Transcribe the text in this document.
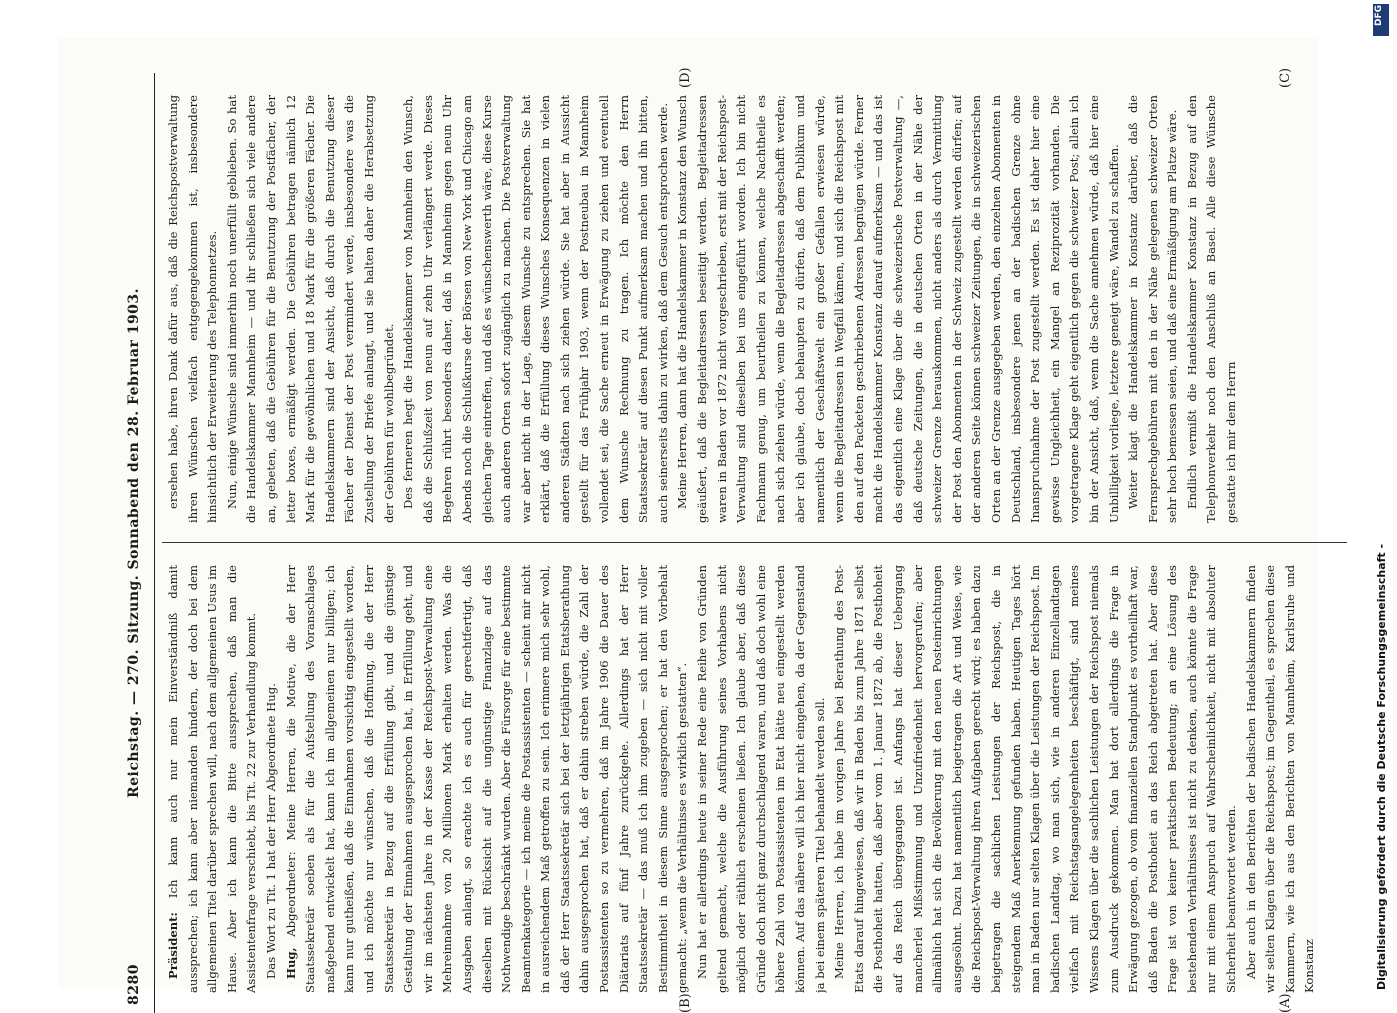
8280
Reichstag. — 270. Sitzung. Sonnabend den 28. Februar 1903.

Präsident: Ich kann auch nur mein Einverständniß damit aussprechen; ich kann aber niemanden hindern, der doch bei dem allgemeinen Titel darüber sprechen will, nach dem allgemeinen Usus im Hause. Aber ich kann die Bitte aussprechen, daß man die Assistentenfrage verschiebt, bis Tit. 22 zur Verhandlung kommt. Das Wort zu Tit. 1 hat der Herr Abgeordnete Hug. Hug, Abgeordneter: Meine Herren, die Motive, die der Herr Staatssekretär soeben als für die Aufstellung des Voranschlages maßgebend entwickelt hat, kann ich im allgemeinen nur billigen; ich kann nur gutheißen, daß die Einnahmen vorsichtig eingestellt worden, und ich möchte nur wünschen, daß die Hoffnung, die der Herr Staatssekretär in Bezug auf die Erfüllung gibt, und die günstige Gestaltung der Einnahmen ausgesprochen hat, in Erfüllung geht, und wir im nächsten Jahre in der Kasse der Reichspost-Verwaltung eine Mehreinnahme von 20 Millionen Mark erhalten werden. Was die Ausgaben anlangt, so erachte ich es auch für gerechtfertigt, daß dieselben mit Rücksicht auf die ungünstige Finanzlage auf das Nothwendige beschränkt wurden. Aber die Fürsorge für eine bestimmte Beamtenkategorie — ich meine die Postassistenten — scheint mir nicht in ausreichendem Maß getroffen zu sein. Ich erinnere mich sehr wohl, daß der Herr Staatssekretär sich bei der letztjährigen Etatsberathung dahin ausgesprochen hat, daß er dahin streben würde, die Zahl der Postassistenten so zu vermehren, daß im Jahre 1906 die Dauer des Diätariats auf fünf Jahre zurückgehe. Allerdings hat der Herr Staatssekretär — das muß ich ihm zugeben — sich nicht mit voller Bestimmtheit in diesem Sinne ausgesprochen; er hat den Vorbehalt gemacht: „wenn die Verhältnisse es wirklich gestatten“. Nun hat er allerdings heute in seiner Rede eine Reihe von Gründen geltend gemacht, welche die Ausführung seines Vorhabens nicht möglich oder räthlich erscheinen ließen. Ich glaube aber, daß diese Gründe doch nicht ganz durchschlagend waren, und daß doch wohl eine höhere Zahl von Postassistenten im Etat hätte neu eingestellt werden können. Auf das nähere will ich hier nicht eingehen, da der Gegenstand ja bei einem späteren Titel behandelt werden soll. Meine Herren, ich habe im vorigen Jahre bei Berathung des Post-Etats darauf hingewiesen, daß wir in Baden bis zum Jahre 1871 selbst die Posthoheit hatten, daß aber vom 1. Januar 1872 ab, die Posthoheit auf das Reich übergegangen ist. Anfangs hat dieser Uebergang mancherlei Mißstimmung und Unzufriedenheit hervorgerufen; aber allmählich hat sich die Bevölkerung mit den neuen Posteinrichtungen ausgesöhnt. Dazu hat namentlich beigetragen die Art und Weise, wie die Reichspost-Verwaltung ihren Aufgaben gerecht wird; es haben dazu beigetragen die sachlichen Leistungen der Reichspost, die in steigendem Maß Anerkennung gefunden haben. Heutigen Tages hört man in Baden nur selten Klagen über die Leistungen der Reichspost. Im badischen Landtag, wo man sich, wie in anderen Einzellandtagen vielfach mit Reichstagsangelegenheiten beschäftigt, sind meines Wissens Klagen über die sachlichen Leistungen der Reichspost niemals zum Ausdruck gekommen. Man hat dort allerdings die Frage in Erwägung gezogen, ob vom finanziellen Standpunkt es vortheilhaft war, daß Baden die Posthoheit an das Reich abgetreten hat. Aber diese Frage ist von keiner praktischen Bedeutung; an eine Lösung des bestehenden Verhältnisses ist nicht zu denken, auch könnte die Frage nur mit einem Anspruch auf Wahrscheinlichkeit, nicht mit absoluter Sicherheit beantwortet werden. Aber auch in den Berichten der badischen Handelskammern finden wir selten Klagen über die Reichspost; im Gegentheil, es sprechen diese Kammern, wie ich aus den Berichten von Mannheim, Karlsruhe und Konstanz

ersehen habe, ihren Dank dafür aus, daß die Reichspostverwaltung ihren Wünschen vielfach entgegengekommen ist, insbesondere hinsichtlich der Erweiterung des Telephonnetzes. Nun, einige Wünsche sind immerhin noch unerfüllt geblieben. So hat die Handelskammer Mannheim — und ihr schließen sich viele andere an, gebeten, daß die Gebühren für die Benutzung der Postfächer, der letter boxes, ermäßigt werden. Die Gebühren betragen nämlich 12 Mark für die gewöhnlichen und 18 Mark für die größeren Fächer. Die Handelskammern sind der Ansicht, daß durch die Benutzung dieser Fächer der Dienst der Post vermindert werde, insbesondere was die Zustellung der Briefe anlangt, und sie halten daher die Herabsetzung der Gebühren für wohlbegründet. Des ferneren hegt die Handelskammer von Mannheim den Wunsch, daß die Schlußzeit von neun auf zehn Uhr verlängert werde. Dieses Begehren rührt besonders daher, daß in Mannheim gegen neun Uhr Abends noch die Schlußkurse der Börsen von New York und Chicago am gleichen Tage eintreffen, und daß es wünschenswerth wäre, diese Kurse auch anderen Orten sofort zugänglich zu machen. Die Postverwaltung war aber nicht in der Lage, diesem Wunsche zu entsprechen. Sie hat erklärt, daß die Erfüllung dieses Wunsches Konsequenzen in vielen anderen Städten nach sich ziehen würde. Sie hat aber in Aussicht gestellt für das Frühjahr 1903, wenn der Postneubau in Mannheim vollendet sei, die Sache erneut in Erwägung zu ziehen und eventuell dem Wunsche Rechnung zu tragen. Ich möchte den Herrn Staatssekretär auf diesen Punkt aufmerksam machen und ihn bitten, auch seinerseits dahin zu wirken, daß dem Gesuch entsprochen werde. Meine Herren, dann hat die Handelskammer in Konstanz den Wunsch geäußert, daß die Begleitadressen beseitigt werden. Begleitadressen waren in Baden vor 1872 nicht vorgeschrieben, erst mit der Reichspost-Verwaltung sind dieselben bei uns eingeführt worden. Ich bin nicht Fachmann genug, um beurtheilen zu können, welche Nachtheile es nach sich ziehen würde, wenn die Begleitadressen abgeschafft werden; aber ich glaube, doch behaupten zu dürfen, daß dem Publikum und namentlich der Geschäftswelt ein großer Gefallen erwiesen würde, wenn die Begleitadressen in Wegfall kämen, und sich die Reichspost mit den auf den Packeten geschriebenen Adressen begnügen würde. Ferner macht die Handelskammer Konstanz darauf aufmerksam — und das ist das eigentlich eine Klage über die schweizerische Postverwaltung —, daß deutsche Zeitungen, die in deutschen Orten in der Nähe der schweizer Grenze herauskommen, nicht anders als durch Vermittlung der Post den Abonnenten in der Schweiz zugestellt werden dürfen; auf der anderen Seite können schweizer Zeitungen, die in schweizerischen Orten an der Grenze ausgegeben werden, den einzelnen Abonnenten in Deutschland, insbesondere jenen an der badischen Grenze ohne Inanspruchnahme der Post zugestellt werden. Es ist daher hier eine gewisse Ungleichheit, ein Mangel an Reziprozität vorhanden. Die vorgetragene Klage geht eigentlich gegen die schweizer Post; allein ich bin der Ansicht, daß, wenn die Sache annehmen würde, daß hier eine Unbilligkeit vorliege, letztere geneigt wäre, Wandel zu schaffen. Weiter klagt die Handelskammer in Konstanz darüber, daß die Fernsprechgebühren mit den in der Nähe gelegenen schweizer Orten sehr hoch bemessen seien, und daß eine Ermäßigung am Platze wäre. Endlich vermißt die Handelskammer Konstanz in Bezug auf den Telephonverkehr noch den Anschluß an Basel. Alle diese Wünsche gestatte ich mir dem Herrn

(A)
(B)
(C)
(D)
DFG
Digitalisierung gefördert durch die Deutsche Forschungsgemeinschaft -
